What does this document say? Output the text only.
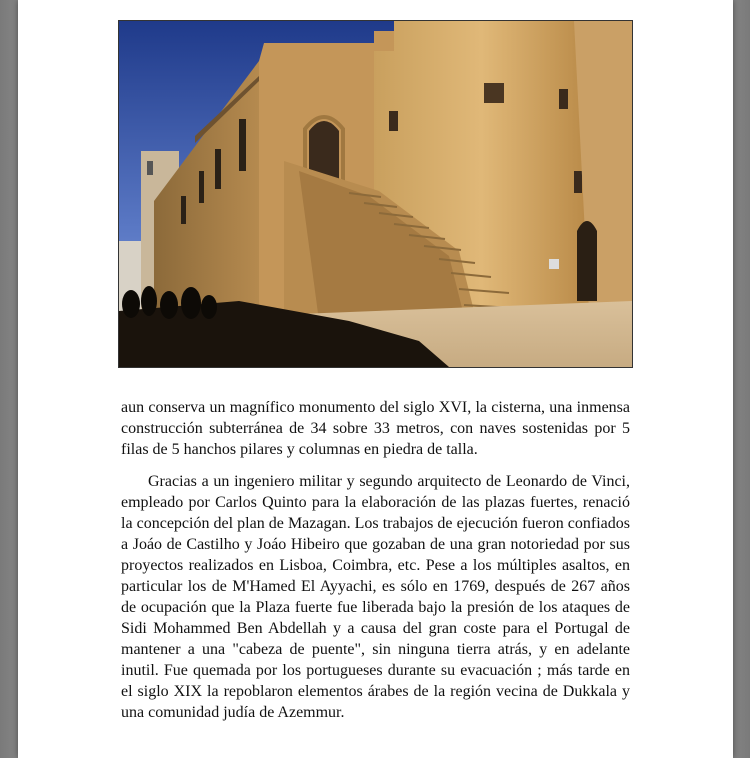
aun conserva un magnífico monumento del siglo XVI, la cisterna, una inmensa construcción subterránea de 34 sobre 33 metros, con naves sostenidas por 5 filas de 5 hanchos pilares y columnas en piedra de talla.

Gracias a un ingeniero militar y segundo arquitecto de Leonardo de Vinci, empleado por Carlos Quinto para la elaboración de las plazas fuertes, renació la concepción del plan de Mazagan. Los trabajos de ejecución fueron confiados a Joáo de Castilho y Joáo Hibeiro que gozaban de una gran notoriedad por sus proyectos realizados en Lisboa, Coimbra, etc. Pese a los múltiples asaltos, en particular los de M'Hamed El Ayyachi, es sólo en 1769, después de 267 años de ocupación que la Plaza fuerte fue liberada bajo la presión de los ataques de Sidi Mohammed Ben Abdellah y a causa del gran coste para el Portugal de mantener a una "cabeza de puente", sin ninguna tierra atrás, y en adelante inutil. Fue quemada por los portugueses durante su evacuación ; más tarde en el siglo XIX la repoblaron elementos árabes de la región vecina de Dukkala y una comunidad judía de Azemmur.
